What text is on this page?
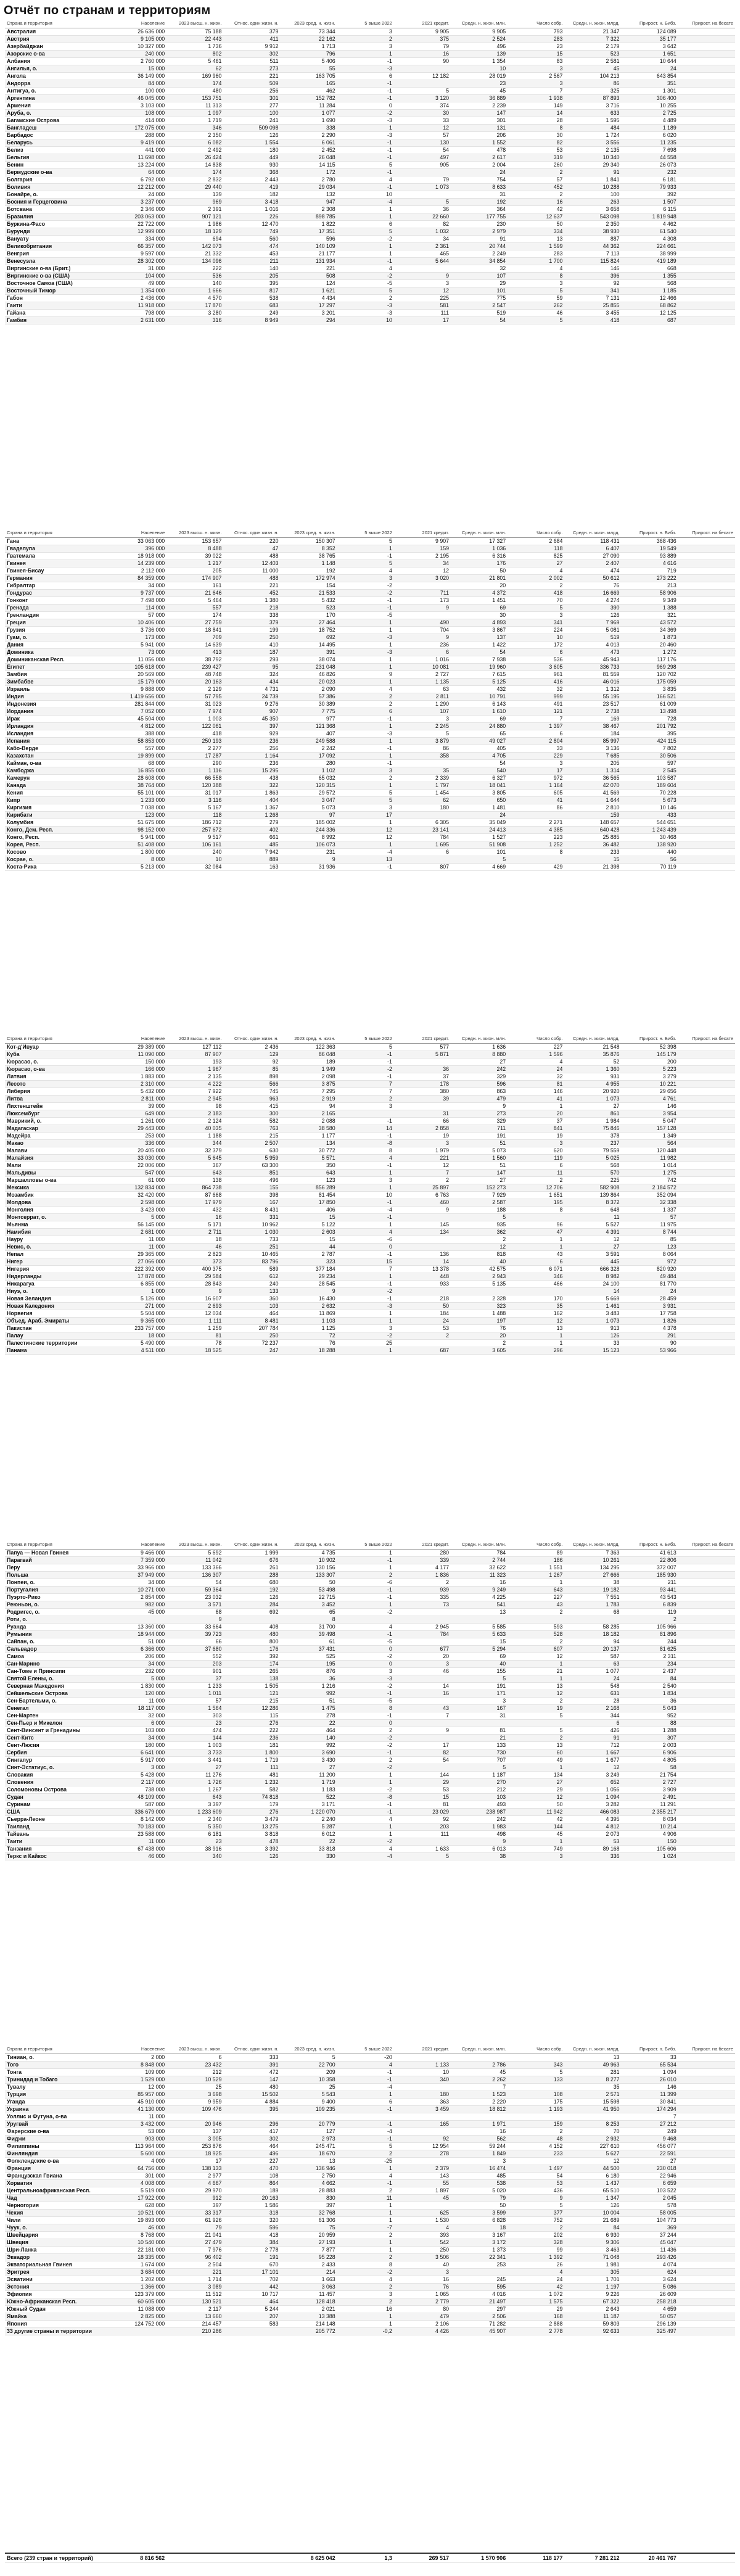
Отчёт по странам и территориям
Страна и территория	Население	2023 высш. н. жизн.	Относ. один жизн. н.	2023 сред. н. жизн.	5 выше 2022	2021 кредит.	Средн. н. жизн. млн.	Число собр.	Средн. н. жизн. млрд.	Прирост. н. Бибз.	Прирост. на бесате
Австралия	26 636 000	75 188	379	73 344	3	9 905	9 905	793	21 347	124 089	
Австрия	9 105 000	22 443	411	22 162	2	375	2 524	283	7 322	35 177	
Азербайджан	10 327 000	1 736	9 912	1 713	3	79	496	23	2 179	3 642	
Азорские о-ва	240 000	802	302	796	1	16	139	15	523	1 651	
Албания	2 760 000	5 461	511	5 406	-1	90	1 354	83	2 581	10 644	
Ангилья, о.	15 000	62	273	55	-3		10	3	45	24	
Ангола	36 149 000	169 960	221	163 705	6	12 182	28 019	2 567	104 213	643 854	
Андорра	84 000	174	509	165	-1		23	3	86	351	
Антигуа, о.	100 000	480	256	462	-1	5	45	7	325	1 301	
Аргентина	46 045 000	153 751	301	152 782	-1	3 120	36 889	1 938	87 893	306 400	
Армения	3 103 000	11 313	277	11 284	0	374	2 239	149	3 716	10 255	
Аруба, о.	108 000	1 097	100	1 077	-2	30	147	14	633	2 725	
Багамские Острова	414 000	1 719	241	1 690	-3	33	301	28	1 595	4 489	
Бангладеш	172 075 000	346	509 098	338	1	12	131	8	484	1 189	
Барбадос	288 000	2 350	126	2 290	-3	57	206	30	1 724	6 020	
Беларусь	9 419 000	6 082	1 554	6 061	-1	130	1 552	82	3 556	11 235	
Белиз	441 000	2 492	180	2 452	-1	54	478	53	2 135	7 698	
Бельгия	11 698 000	26 424	449	26 048	-1	497	2 617	319	10 340	44 558	
Бенин	13 224 000	14 838	930	14 115	5	905	2 004	260	29 340	26 073	
Бермудские о-ва	64 000	174	368	172	-1		24	2	91	232	
Болгария	6 792 000	2 832	2 443	2 780	4	79	754	57	1 841	6 181	
Боливия	12 212 000	29 440	419	29 034	-1	1 073	8 633	452	10 288	79 933	
Бонайре, о.	24 000	139	182	132	10		31	2	100	392	
Босния и Герцеговина	3 237 000	969	3 418	947	-4	5	192	16	263	1 507	
Ботсвана	2 346 000	2 391	1 016	2 308	1	36	364	42	3 658	6 115	
Бразилия	203 063 000	907 121	226	898 785	1	22 660	177 755	12 637	543 098	1 819 948	
Буркина-Фасо	22 722 000	1 986	12 470	1 822	6	82	230	50	2 350	4 462	
Бурунди	12 999 000	18 129	749	17 351	5	1 032	2 979	334	38 930	61 540	
Вануату	334 000	694	560	596	-2	34	91	13	887	4 308	
Великобритания	66 357 000	142 073	474	140 109	1	2 361	20 744	1 599	44 362	224 661	
Венгрия	9 597 000	21 332	453	21 177	1	465	2 249	283	7 113	38 999	
Венесуэла	28 302 000	134 096	211	131 934	-1	5 644	34 854	1 700	115 824	419 189	
Виргинские о-ва (Брит.)	31 000	222	140	221	4		32	4	146	668	
Виргинские о-ва (США)	104 000	536	205	508	-2	9	107	8	396	1 355	
Восточное Самоа (США)	49 000	140	395	124	-5	3	29	3	92	568	
Восточный Тимор	1 354 000	1 666	817	1 621	5	12	101	5	341	1 185	
Габон	2 436 000	4 570	538	4 434	2	225	775	59	7 131	12 466	
Гаити	11 918 000	17 870	683	17 297	-3	581	2 547	262	25 855	68 862	
Гайана	798 000	3 280	249	3 201	-3	111	519	46	3 455	12 125	
Гамбия	2 631 000	316	8 949	294	10	17	54	5	418	687	
Страна и территория	Население	2023 высш. н. жизн.	Относ. один жизн. н.	2023 сред. н. жизн.	5 выше 2022	2021 кредит.	Средн. н. жизн. млн.	Число собр.	Средн. н. жизн. млрд.	Прирост. н. Бибз.	Прирост. на бесате
Гана	33 063 000	153 657	220	150 307	5	9 907	17 327	2 684	118 431	368 436	
Гваделупа	396 000	8 488	47	8 352	1	159	1 036	118	6 407	19 549	
Гватемала	18 918 000	39 022	488	38 765	-1	2 195	6 316	825	27 090	93 889	
Гвинея	14 239 000	1 217	12 403	1 148	5	34	176	27	2 407	4 616	
Гвинея-Бисау	2 112 000	205	11 000	192	4	12	50	4	474	719	
Германия	84 359 000	174 907	488	172 974	3	3 020	21 801	2 002	50 612	273 222	
Гибралтар	34 000	161	221	154	-2		20	2	76	213	
Гондурас	9 737 000	21 646	452	21 533	-2	711	4 372	418	16 669	58 906	
Гонконг	7 498 000	5 464	1 380	5 432	-1	173	1 451	70	4 274	9 349	
Гренада	114 000	557	218	523	-1	9	69	5	390	1 388	
Гренландия	57 000	174	338	170	-5		30	3	126	321	
Греция	10 406 000	27 759	379	27 464	1	490	4 893	341	7 969	43 572	
Грузия	3 736 000	18 841	199	18 752	1	704	3 867	224	5 081	34 369	
Гуам, о.	173 000	709	250	692	-3	9	137	10	519	1 873	
Дания	5 941 000	14 639	410	14 495	1	236	1 422	172	4 013	20 460	
Доминика	73 000	413	187	391	-3	6	54	6	473	1 272	
Доминиканская Респ.	11 056 000	38 792	293	38 074	1	1 016	7 938	536	45 943	117 176	
Египет	105 618 000	239 427	95	231 048	1	10 081	19 960	3 605	336 733	969 298	
Замбия	20 569 000	48 748	324	46 826	9	2 727	7 615	961	81 559	120 702	
Зимбабве	15 179 000	20 163	434	20 023	1	1 135	5 125	416	46 016	175 059	
Израиль	9 888 000	2 129	4 731	2 090	4	63	432	32	1 312	3 835	
Индия	1 419 656 000	57 795	24 739	57 386	2	2 811	10 791	999	55 195	166 521	
Индонезия	281 844 000	31 023	9 276	30 389	2	1 290	6 143	491	23 517	61 009	
Иордания	7 052 000	7 974	907	7 775	6	107	1 610	121	2 738	13 498	
Ирак	45 504 000	1 003	45 350	977	-1	3	69	7	169	728	
Ирландия	4 812 000	122 061	397	121 368	1	2 245	24 880	1 397	38 467	201 792	
Исландия	388 000	418	929	407	-3	5	65	6	184	395	
Испания	58 853 000	250 193	236	249 588	1	3 879	49 027	2 804	85 997	424 115	
Кабо-Верде	557 000	2 277	256	2 242	-1	86	405	33	3 136	7 802	
Казахстан	19 899 000	17 287	1 164	17 092	1	358	4 705	229	7 685	30 506	
Кайман, о-ва	68 000	290	236	280	-1		54	3	205	597	
Камбоджа	16 855 000	1 116	15 295	1 102	3	35	540	17	1 314	2 545	
Камерун	28 608 000	66 558	438	65 032	2	2 339	6 327	972	36 565	103 587	
Канада	38 764 000	120 388	322	120 315	1	1 797	18 041	1 164	42 070	189 604	
Кения	55 101 000	31 017	1 863	29 572	5	1 454	3 805	605	41 569	70 228	
Кипр	1 233 000	3 116	404	3 047	5	62	650	41	1 644	5 673	
Киргизия	7 038 000	5 167	1 367	5 073	3	180	1 481	86	2 810	10 146	
Кирибати	123 000	118	1 268	97	17		24		159	433	
Колумбия	51 675 000	186 712	279	185 002	1	6 305	35 049	2 271	148 657	544 651	
Конго, Дем. Респ.	98 152 000	257 672	402	244 336	12	23 141	24 413	4 385	640 428	1 243 439	
Конго, Респ.	5 941 000	9 517	661	8 992	12	784	1 527	223	25 885	30 468	
Корея, Респ.	51 408 000	106 161	485	106 073	1	1 695	51 908	1 252	36 482	138 920	
Косово	1 800 000	240	7 942	231	-4	6	101	8	233	440	
Косрае, о.	8 000	10	889	9	13		5		15	56	
Коста-Рика	5 213 000	32 084	163	31 936	-1	807	4 669	429	21 398	70 119	
Страна и территория	Население	2023 высш. н. жизн.	Относ. один жизн. н.	2023 сред. н. жизн.	5 выше 2022	2021 кредит.	Средн. н. жизн. млн.	Число собр.	Средн. н. жизн. млрд.	Прирост. н. Бибз.	Прирост. на бесате
Кот-д'Ивуар	29 389 000	127 112	2 436	122 363	5	577	1 636	227	21 548	52 398	
Куба	11 090 000	87 907	129	86 048	-1	5 871	8 880	1 596	35 876	145 179	
Кюрасао, о.	150 000	193	92	189	-1		27	4	52	200	
Кюрасао, о-ва	166 000	1 967	85	1 949	-2	36	242	24	1 360	5 223	
Латвия	1 883 000	2 135	898	2 098	-1	37	329	32	931	3 279	
Лесото	2 310 000	4 222	566	3 875	7	178	596	81	4 955	10 221	
Либерия	5 432 000	7 922	745	7 295	7	380	863	146	20 920	29 656	
Литва	2 811 000	2 945	963	2 919	2	39	479	41	1 073	4 761	
Лихтенштейн	39 000	98	415	94	3		9	1	27	146	
Люксембург	649 000	2 183	300	2 165		31	273	20	861	3 954	
Маврикий, о.	1 261 000	2 124	582	2 088	-1	66	329	37	1 984	5 047	
Мадагаскар	29 443 000	40 035	763	38 580	14	2 858	711	841	75 846	157 128	
Мадейра	253 000	1 188	215	1 177	-1	19	191	19	378	1 349	
Макао	336 000	344	2 507	134	-8	3	51	3	237	564	
Малави	20 405 000	32 379	630	30 772	8	1 979	5 073	620	79 559	120 448	
Малайзия	33 030 000	5 645	5 959	5 571	4	221	1 560	119	5 025	11 982	
Мали	22 006 000	367	63 300	350	-1	12	51	6	568	1 014	
Мальдивы	547 000	643	851	643	1	7	147	11	570	1 275	
Маршалловы о-ва	61 000	138	496	123	3	2	27	2	225	742	
Мексика	132 834 000	864 738	155	856 289	1	25 897	152 273	12 706	582 908	2 184 572	
Мозамбик	32 420 000	87 668	398	81 454	10	6 763	7 929	1 651	139 864	352 094	
Молдова	2 598 000	17 979	167	17 850	-1	460	2 587	195	8 372	32 338	
Монголия	3 423 000	432	8 431	406	-4	9	188	8	648	1 337	
Монтсеррат, о.	5 000	16	331	15	-1		5		11	57	
Мьянма	56 145 000	5 171	10 962	5 122	1	145	935	96	5 527	11 975	
Намибия	2 681 000	2 711	1 030	2 603	4	134	362	47	4 391	8 744	
Науру	11 000	18	733	15	-6		2	1	12	85	
Невис, о.	11 000	46	251	44	0		12	1	27	123	
Непал	29 365 000	2 823	10 465	2 787	-1	136	818	43	3 591	8 064	
Нигер	27 066 000	373	83 796	323	15	14	40	6	445	972	
Нигерия	222 392 000	400 375	589	377 184	7	13 378	42 575	6 071	666 328	820 920	
Нидерланды	17 878 000	29 584	612	29 234	1	448	2 943	346	8 982	49 484	
Никарагуа	6 855 000	28 843	240	28 545	-1	933	5 135	466	24 100	81 770	
Ниуэ, о.	1 000	9	133	9	-2				14	24	
Новая Зеландия	5 126 000	16 607	360	16 430	-1	218	2 328	170	5 669	28 459	
Новая Каледония	271 000	2 693	103	2 632	-3	50	323	35	1 461	3 931	
Норвегия	5 504 000	12 034	464	11 869	1	184	1 488	162	3 483	17 758	
Объед. Араб. Эмираты	9 365 000	1 111	8 481	1 103	1	24	197	12	1 073	1 826	
Пакистан	233 757 000	1 259	207 784	1 125	3	53	76	13	913	4 378	
Палау	18 000	81	250	72	-2	2	20	1	126	291	
Палестинские территории	5 490 000	78	72 237	76	25		2	1	33	90	
Панама	4 511 000	18 525	247	18 288	1	687	3 605	296	15 123	53 966	
Страна и территория	Население	2023 высш. н. жизн.	Относ. один жизн. н.	2023 сред. н. жизн.	5 выше 2022	2021 кредит.	Средн. н. жизн. млн.	Число собр.	Средн. н. жизн. млрд.	Прирост. н. Бибз.	Прирост. на бесате
Папуа — Новая Гвинея	9 466 000	5 692	1 999	4 735	1	280	784	89	7 363	41 613	
Парагвай	7 359 000	11 042	676	10 902	-1	339	2 744	186	10 261	22 806	
Перу	33 966 000	133 366	261	130 156	1	4 177	32 622	1 551	134 295	372 007	
Польша	37 949 000	136 307	288	133 307	2	1 836	11 323	1 267	27 666	185 930	
Понпеи, о.	34 000	54	680	50	-6	2	16	1	38	211	
Португалия	10 271 000	59 364	192	53 498	-1	939	9 249	643	19 182	93 441	
Пуэрто-Рико	2 854 000	23 032	126	22 715	-1	335	4 225	227	7 551	43 543	
Реюньон, о.	982 000	3 571	284	3 452	1	73	541	43	1 783	6 839	
Родригес, о.	45 000	68	692	65	-2		13	2	68	119	
Роти, о.		9		8						2	
Руанда	13 360 000	33 664	408	31 700	4	2 945	5 585	593	58 285	105 966	
Румыния	18 944 000	39 723	480	39 498	-1	784	5 633	528	18 182	81 896	
Сайпан, о.	51 000	66	800	61	-5		15	2	94	244	
Сальвадор	6 366 000	37 680	176	37 431	0	677	5 294	607	20 137	81 625	
Самоа	206 000	552	392	525	-2	20	69	12	587	2 311	
Сан-Марино	34 000	203	174	195	0	3	40	1	63	234	
Сан-Томе и Принсипи	232 000	901	265	876	3	46	155	21	1 077	2 437	
Святой Елены, о.	5 000	37	138	36	-3		5	1	24	84	
Северная Македония	1 830 000	1 233	1 505	1 216	-2	14	191	13	548	2 540	
Сейшельские Острова	120 000	1 011	121	992	-1	16	171	12	631	1 834	
Сен-Бартельми, о.	11 000	57	215	51	-5		3	2	28	36	
Сенегал	18 117 000	1 564	12 286	1 475	8	43	167	19	2 168	5 043	
Сен-Мартен	32 000	303	115	278	-1	7	31	5	344	952	
Сен-Пьер и Микелон	6 000	23	276	22	0				6	88	
Сент-Винсент и Гренадины	103 000	474	222	464	2	9	81	5	426	1 288	
Сент-Китс	34 000	144	236	140	-2		21	2	91	307	
Сент-Люсия	180 000	1 003	181	992	-2	17	133	13	712	2 003	
Сербия	6 641 000	3 733	1 800	3 690	-1	82	730	60	1 667	6 906	
Сингапур	5 917 000	3 441	1 719	3 430	2	54	707	49	1 677	4 805	
Синт-Эстатиус, о.	3 000	27	111	27	-2		5	1	12	58	
Словакия	5 428 000	11 276	481	11 200	1	144	1 187	134	3 249	21 754	
Словения	2 117 000	1 726	1 232	1 719	1	29	270	27	652	2 727	
Соломоновы Острова	738 000	1 267	582	1 183	-2	53	212	29	1 056	3 909	
Судан	48 109 000	643	74 818	522	-8	15	103	12	1 094	2 491	
Суринам	587 000	3 397	179	3 171	-1	81	493	50	3 282	11 291	
США	336 679 000	1 233 609	276	1 220 070	-1	23 029	238 987	11 942	466 083	2 355 217	
Сьерра-Леоне	8 142 000	2 340	3 479	2 240	4	92	242	42	4 395	8 034	
Таиланд	70 183 000	5 350	13 275	5 287	1	203	1 983	144	4 812	10 214	
Тайвань	23 588 000	6 181	3 818	6 012	1	111	498	45	2 073	4 906	
Таити	11 000	23	478	22	-2		9	1	53	150	
Танзания	67 438 000	38 916	3 392	33 818	4	1 633	6 013	749	89 168	105 606	
Теркс и Кайкос	46 000	340	126	330	-4	5	38	3	336	1 024	
Страна и территория	Население	2023 высш. н. жизн.	Относ. один жизн. н.	2023 сред. н. жизн.	5 выше 2022	2021 кредит.	Средн. н. жизн. млн.	Число собр.	Средн. н. жизн. млрд.	Прирост. н. Бибз.	Прирост. на бесате
Тиниан, о.	2 000	6	333	5	-20				13	33	
Того	8 848 000	23 432	391	22 700	4	1 133	2 786	343	49 963	65 534	
Тонга	109 000	212	472	209	-1	10	45	5	281	1 094	
Тринидад и Тобаго	1 529 000	10 529	147	10 358	-1	340	2 262	133	8 277	26 010	
Тувалу	12 000	25	480	25	-4		7		35	146	
Турция	85 957 000	3 698	15 502	5 543	1	180	1 523	108	2 571	11 399	
Уганда	45 910 000	9 959	4 884	9 400	6	363	2 220	175	15 598	30 841	
Украина	41 130 000	109 476	395	109 235	-1	3 459	18 812	1 193	41 950	174 294	
Уоллис и Футуна, о-ва	11 000									7	
Уругвай	3 432 000	20 946	296	20 779	-1	165	1 971	159	8 253	27 212	
Фарерские о-ва	53 000	137	417	127	-4		16	2	70	249	
Фиджи	903 000	3 005	302	2 973	-1	92	562	48	2 932	9 468	
Филиппины	113 964 000	253 876	464	245 471	5	12 954	59 244	4 152	227 610	456 077	
Финляндия	5 600 000	18 925	496	18 670	2	278	1 849	233	5 627	22 591	
Фолклендские о-ва	4 000	17	227	13	-25		3		12	27	
Франция	64 756 000	138 133	470	136 946	1	2 379	16 474	1 497	44 500	230 018	
Французская Гвиана	301 000	2 977	108	2 750	4	143	485	54	6 180	22 946	
Хорватия	4 008 000	4 667	864	4 662	-1	55	538	53	1 437	6 659	
Центральноафриканская Респ.	5 519 000	29 970	189	28 883	2	1 897	5 020	436	65 510	103 522	
Чад	17 922 000	912	20 163	830	11	45	79	9	1 347	2 045	
Черногория	628 000	397	1 586	397	1		50	5	126	578	
Чехия	10 521 000	33 317	318	32 768	1	625	3 599	377	10 004	58 005	
Чили	19 893 000	61 926	320	61 306	1	1 530	6 828	752	21 689	104 773	
Чуук, о.	46 000	79	596	75	-7	4	18	2	84	369	
Швейцария	8 768 000	21 041	418	20 959	2	393	3 167	202	6 930	37 244	
Швеция	10 540 000	27 479	384	27 193	1	542	3 172	328	9 306	45 047	
Шри-Ланка	22 181 000	7 976	2 778	7 877	1	250	1 373	99	3 463	11 436	
Эквадор	18 335 000	96 402	191	95 228	2	3 506	22 341	1 392	71 048	293 426	
Экваториальная Гвинея	1 674 000	2 504	670	2 433	8	40	253	26	1 981	4 074	
Эритрея	3 684 000	221	17 101	214	-2	3		4	305	624	
Эсватини	1 202 000	1 714	702	1 663	4	16	245	24	1 701	3 624	
Эстония	1 366 000	3 089	442	3 063	2	76	595	42	1 197	5 086	
Эфиопия	123 379 000	11 512	10 717	11 457	3	1 065	4 016	1 072	9 226	26 609	
Южно-Африканская Респ.	60 605 000	130 521	464	128 418	2	2 779	21 497	1 575	67 322	258 218	
Южный Судан	11 088 000	2 117	5 244	2 021	16	80	297	29	2 643	4 659	
Ямайка	2 825 000	13 660	207	13 388	1	479	2 506	168	11 187	50 057	
Япония	124 752 000	214 457	583	214 148	1	2 106	71 282	2 888	59 803	296 139	
33 другие страны и территории		210 286		205 772	-0,2	4 426	45 907	2 778	92 633	325 497	
Всего (239 стран и территорий)	8 816 562			8 625 042	1,3	269 517	1 570 906	118 177	7 281 212	20 461 767	
